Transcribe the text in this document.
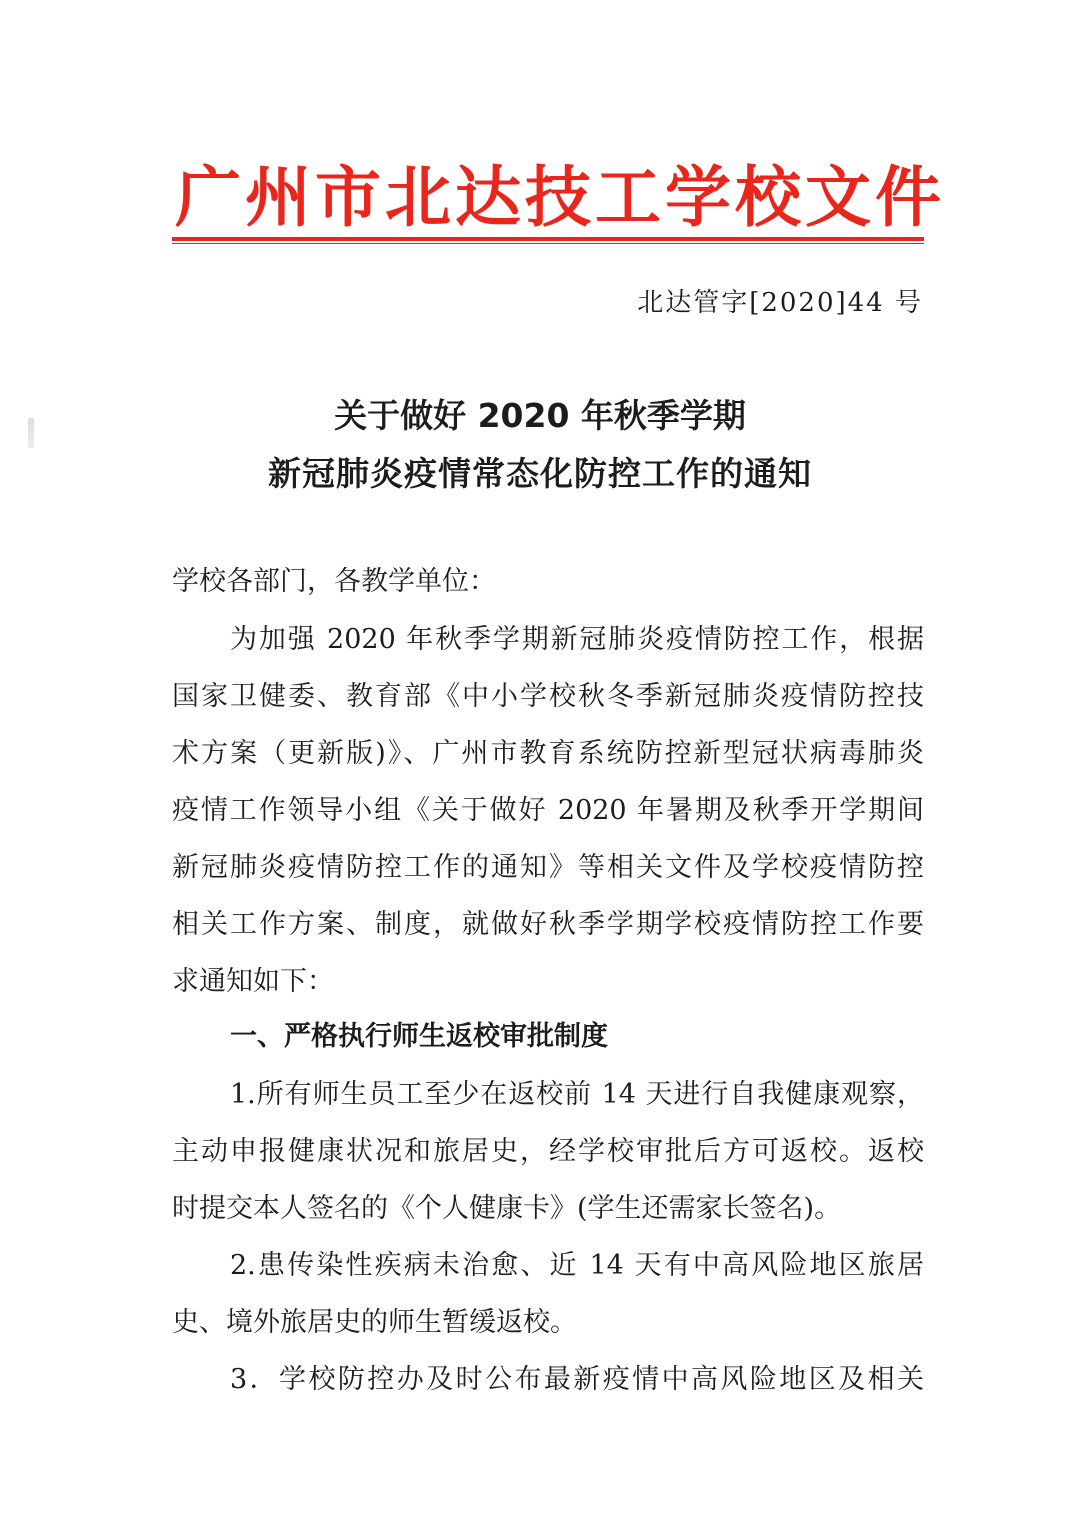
广州市北达技工学校文件
北达管字[2020]44 号
关于做好 2020 年秋季学期
新冠肺炎疫情常态化防控工作的通知
学校各部门，各教学单位：
为加强 2020 年秋季学期新冠肺炎疫情防控工作，根据
国家卫健委、教育部《中小学校秋冬季新冠肺炎疫情防控技
术方案（更新版)》、广州市教育系统防控新型冠状病毒肺炎
疫情工作领导小组《关于做好 2020 年暑期及秋季开学期间
新冠肺炎疫情防控工作的通知》等相关文件及学校疫情防控
相关工作方案、制度，就做好秋季学期学校疫情防控工作要
求通知如下：
一、严格执行师生返校审批制度
1.所有师生员工至少在返校前 14 天进行自我健康观察，
主动申报健康状况和旅居史，经学校审批后方可返校。返校
时提交本人签名的《个人健康卡》(学生还需家长签名)。
2.患传染性疾病未治愈、近 14 天有中高风险地区旅居
史、境外旅居史的师生暂缓返校。
3．学校防控办及时公布最新疫情中高风险地区及相关
